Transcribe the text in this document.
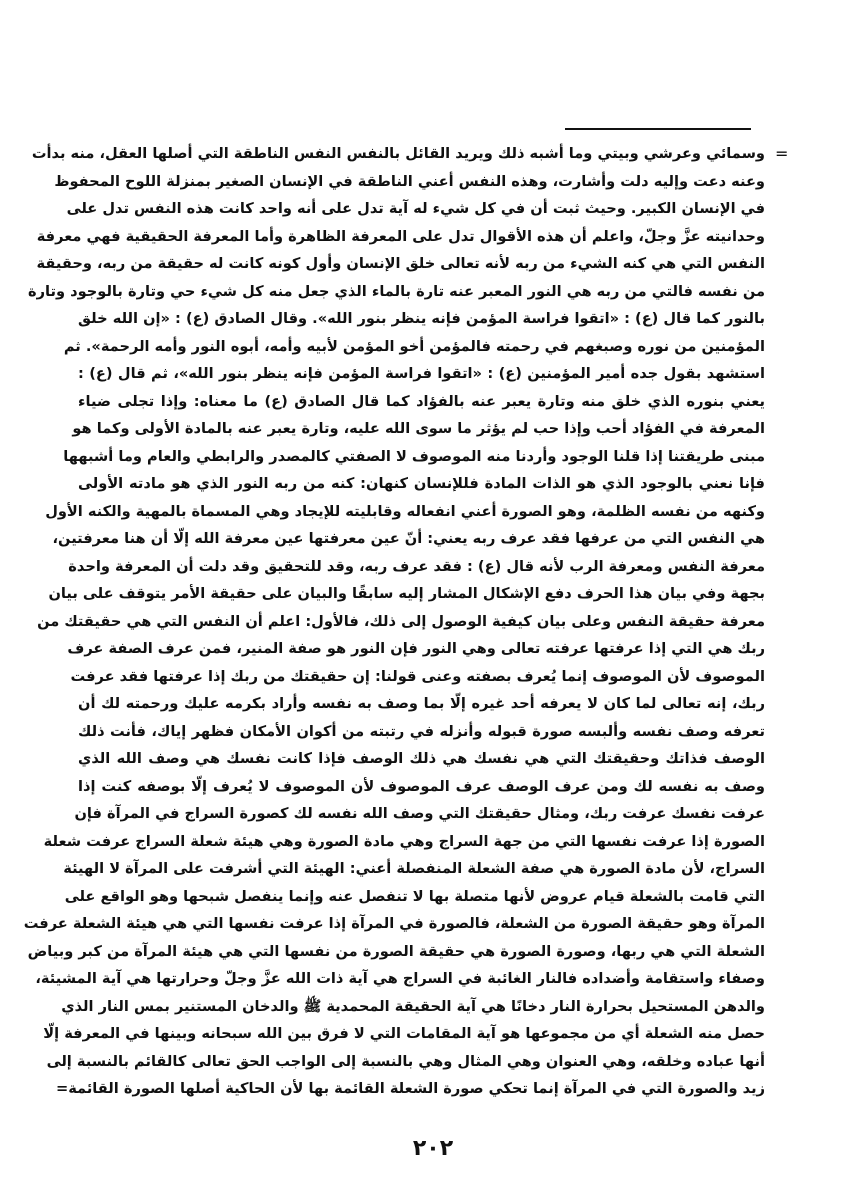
=
وسمائي وعرشي وبيتي وما أشبه ذلك ويريد القائل بالنفس النفس الناطقة التي أصلها العقل، منه بدأت
وعنه دعت وإليه دلت وأشارت، وهذه النفس أعني الناطقة في الإنسان الصغير بمنزلة اللوح المحفوظ
في الإنسان الكبير. وحيث ثبت أن في كل شيء له آية تدل على أنه واحد كانت هذه النفس تدل على
وحدانيته عزَّ وجلّ، واعلم أن هذه الأقوال تدل على المعرفة الظاهرة وأما المعرفة الحقيقية فهي معرفة
النفس التي هي كنه الشيء من ربه لأنه تعالى خلق الإنسان وأول كونه كانت له حقيقة من ربه، وحقيقة
من نفسه فالتي من ربه هي النور المعبر عنه تارة بالماء الذي جعل منه كل شيء حي وتارة بالوجود وتارة
بالنور كما قال (ع) : «اتقوا فراسة المؤمن فإنه ينظر بنور الله». وقال الصادق (ع) : «إن الله خلق
المؤمنين من نوره وصبغهم في رحمته فالمؤمن أخو المؤمن لأبيه وأمه، أبوه النور وأمه الرحمة». ثم
استشهد بقول جده أمير المؤمنين (ع) : «اتقوا فراسة المؤمن فإنه ينظر بنور الله»، ثم قال (ع) :
يعني بنوره الذي خلق منه وتارة يعبر عنه بالفؤاد كما قال الصادق (ع) ما معناه: وإذا تجلى ضياء
المعرفة في الفؤاد أحب وإذا حب لم يؤثر ما سوى الله عليه، وتارة يعبر عنه بالمادة الأولى وكما هو
مبنى طريقتنا إذا قلنا الوجود وأردنا منه الموصوف لا الصفتي كالمصدر والرابطي والعام وما أشبهها
فإنا نعني بالوجود الذي هو الذات المادة فللإنسان كنهان: كنه من ربه النور الذي هو مادته الأولى
وكنهه من نفسه الظلمة، وهو الصورة أعني انفعاله وقابليته للإيجاد وهي المسماة بالمهية والكنه الأول
هي النفس التي من عرفها فقد عرف ربه يعني: أنّ عين معرفتها عين معرفة الله إلّا أن هنا معرفتين،
معرفة النفس ومعرفة الرب لأنه قال (ع) : فقد عرف ربه، وقد للتحقيق وقد دلت أن المعرفة واحدة
بجهة وفي بيان هذا الحرف دفع الإشكال المشار إليه سابقًا والبيان على حقيقة الأمر يتوقف على بيان
معرفة حقيقة النفس وعلى بيان كيفية الوصول إلى ذلك، فالأول: اعلم أن النفس التي هي حقيقتك من
ربك هي التي إذا عرفتها عرفته تعالى وهي النور فإن النور هو صفة المنير، فمن عرف الصفة عرف
الموصوف لأن الموصوف إنما يُعرف بصفته وعنى قولنا: إن حقيقتك من ربك إذا عرفتها فقد عرفت
ربك، إنه تعالى لما كان لا يعرفه أحد غيره إلّا بما وصف به نفسه وأراد بكرمه عليك ورحمته لك أن
تعرفه وصف نفسه وألبسه صورة قبوله وأنزله في رتبته من أكوان الأمكان فظهر إياك، فأنت ذلك
الوصف فذاتك وحقيقتك التي هي نفسك هي ذلك الوصف فإذا كانت نفسك هي وصف الله الذي
وصف به نفسه لك ومن عرف الوصف عرف الموصوف لأن الموصوف لا يُعرف إلّا بوصفه كنت إذا
عرفت نفسك عرفت ربك، ومثال حقيقتك التي وصف الله نفسه لك كصورة السراج في المرآة فإن
الصورة إذا عرفت نفسها التي من جهة السراج وهي مادة الصورة وهي هيئة شعلة السراج عرفت شعلة
السراج، لأن مادة الصورة هي صفة الشعلة المنفصلة أعني: الهيئة التي أشرفت على المرآة لا الهيئة
التي قامت بالشعلة قيام عروض لأنها متصلة بها لا تنفصل عنه وإنما ينفصل شبحها وهو الواقع على
المرآة وهو حقيقة الصورة من الشعلة، فالصورة في المرآة إذا عرفت نفسها التي هي هيئة الشعلة عرفت
الشعلة التي هي ربها، وصورة الصورة هي حقيقة الصورة من نفسها التي هي هيئة المرآة من كبر وبياض
وصفاء واستقامة وأضداده فالنار الغائبة في السراج هي آية ذات الله عزَّ وجلّ وحرارتها هي آية المشيئة،
والدهن المستحيل بحرارة النار دخانًا هي آية الحقيقة المحمدية ﷺ والدخان المستنير بمس النار الذي
حصل منه الشعلة أي من مجموعها هو آية المقامات التي لا فرق بين الله سبحانه وبينها في المعرفة إلّا
أنها عباده وخلقه، وهي العنوان وهي المثال وهي بالنسبة إلى الواجب الحق تعالى كالقائم بالنسبة إلى
زيد والصورة التي في المرآة إنما تحكي صورة الشعلة القائمة بها لأن الحاكية أصلها الصورة القائمة=
٢٠٢
